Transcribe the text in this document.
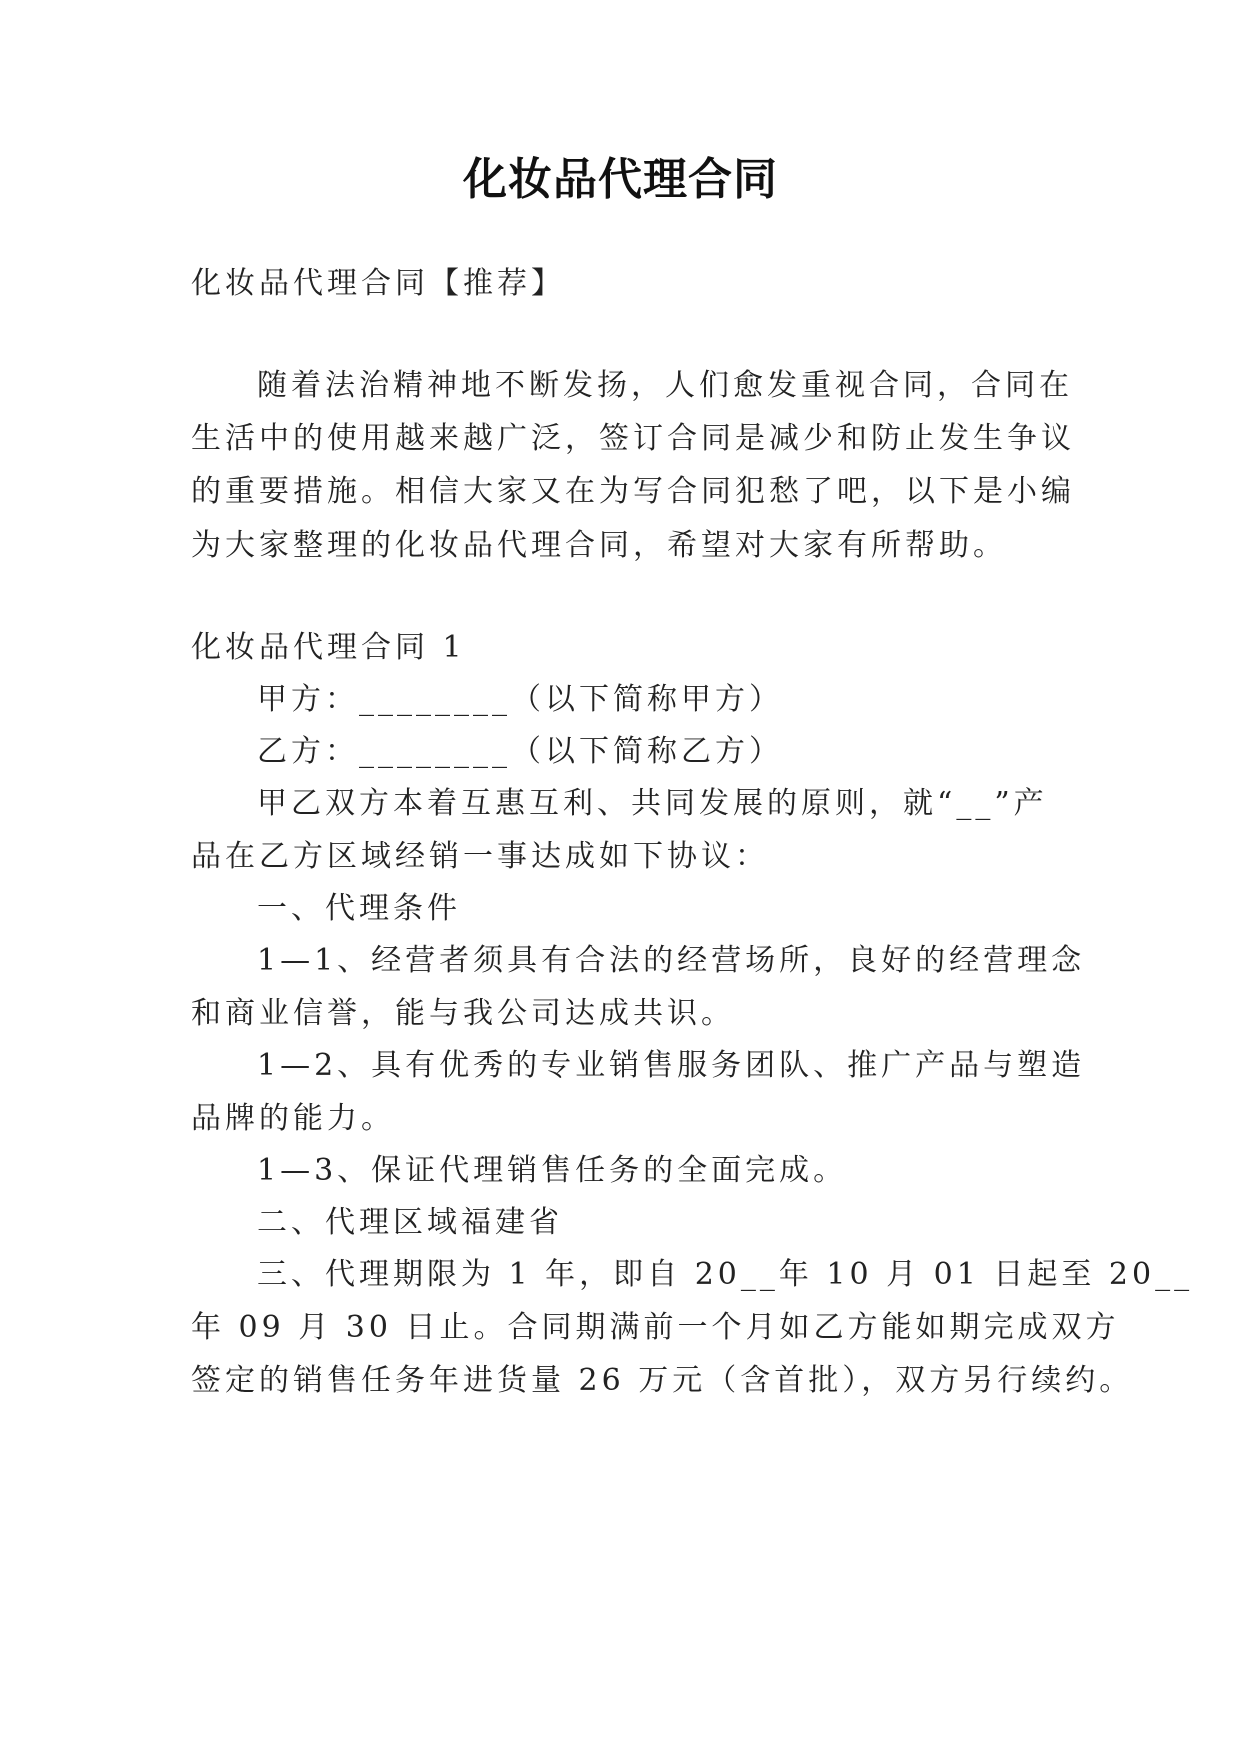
化妆品代理合同
化妆品代理合同【推荐】
随着法治精神地不断发扬，人们愈发重视合同，合同在
生活中的使用越来越广泛，签订合同是减少和防止发生争议
的重要措施。相信大家又在为写合同犯愁了吧，以下是小编
为大家整理的化妆品代理合同，希望对大家有所帮助。
化妆品代理合同 1
甲方：________（以下简称甲方）
乙方：________（以下简称乙方）
甲乙双方本着互惠互利、共同发展的原则，就“__”产
品在乙方区域经销一事达成如下协议：
一、代理条件
1—1、经营者须具有合法的经营场所，良好的经营理念
和商业信誉，能与我公司达成共识。
1—2、具有优秀的专业销售服务团队、推广产品与塑造
品牌的能力。
1—3、保证代理销售任务的全面完成。
二、代理区域福建省
三、代理期限为 1 年，即自 20__年 10 月 01 日起至 20__
年 09 月 30 日止。合同期满前一个月如乙方能如期完成双方
签定的销售任务年进货量 26 万元（含首批），双方另行续约。
